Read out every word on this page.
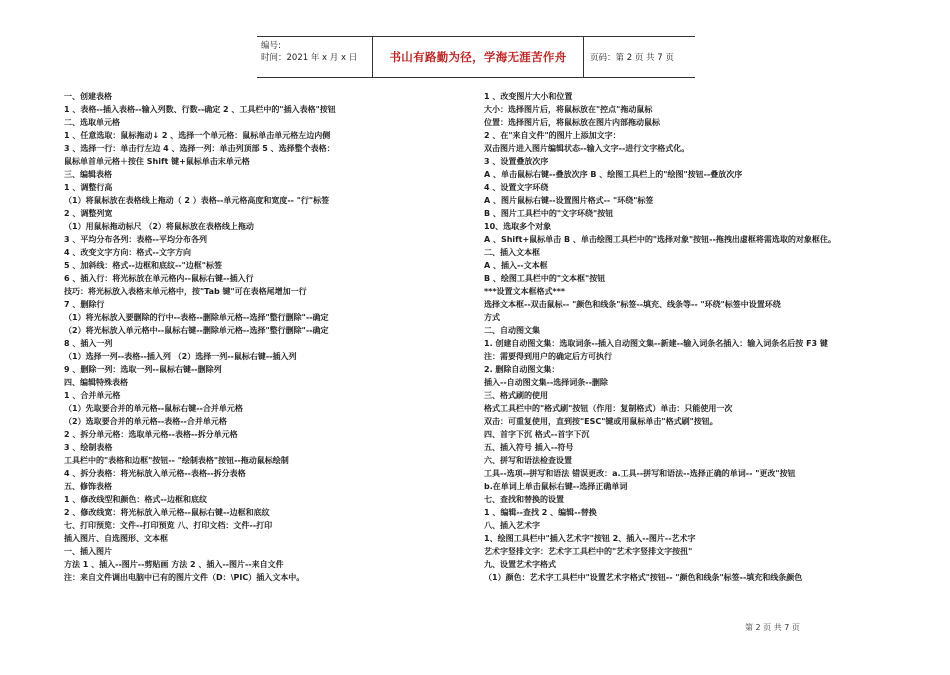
编号:
时间：2021 年 x 月 x 日	书山有路勤为径，学海无涯苦作舟	页码：第 2 页 共 7 页
一、创建表格
1 、表格--插入表格--输入列数、行数--确定 2 、工具栏中的"插入表格"按钮
二、选取单元格
1 、任意选取：鼠标拖动↓ 2 、选择一个单元格：鼠标单击单元格左边内侧
3 、选择一行：单击行左边 4 、选择一列：单击列顶部 5 、选择整个表格：
鼠标单首单元格＋按住 Shift 键+鼠标单击末单元格
三、编辑表格
1 、调整行高
（1）将鼠标放在表格线上拖动（ 2 ）表格--单元格高度和宽度-- "行"标签
2 、调整列宽
（1）用鼠标拖动标尺 （2）将鼠标放在表格线上拖动
3 、平均分布各列：表格--平均分布各列
4 、改变文字方向：格式--文字方向
5 、加斜线：格式--边框和底纹--"边框"标签
6 、插入行：将光标放在单元格内--鼠标右键--插入行
技巧：将光标放入表格末单元格中，按"Tab 键"可在表格尾增加一行
7 、删除行
（1）将光标放入要删除的行中--表格--删除单元格--选择"整行删除"--确定
（2）将光标放入单元格中--鼠标右键--删除单元格--选择"整行删除"--确定
8 、插入一列
（1）选择一列--表格--插入列 （2）选择一列--鼠标右键--插入列
9 、删除一列：选取一列--鼠标右键--删除列
四、编辑特殊表格
1 、合并单元格
（1）先取要合并的单元格--鼠标右键--合并单元格
（2）选取要合并的单元格--表格--合并单元格
2 、拆分单元格：选取单元格--表格--拆分单元格
3 、绘制表格
工具栏中的"表格和边框"按钮-- "绘制表格"按钮--拖动鼠标绘制
4 、拆分表格：将光标放入单元格--表格--拆分表格
五、修饰表格
1 、修改线型和颜色：格式--边框和底纹
2 、修改线宽：将光标放入单元格--鼠标右键--边框和底纹
七、打印预览：文件--打印预览 八、打印文档：文件--打印
插入图片、自选图形、文本框
一、插入图片
方法 1 、插入--图片--剪贴画 方法 2 、插入--图片--来自文件
注：来自文件调出电脑中已有的图片文件（D：\PIC）插入文本中。
1 、改变图片大小和位置
大小：选择图片后，将鼠标放在"控点"拖动鼠标
位置：选择图片后，将鼠标放在图片内部拖动鼠标
2 、在"来自文件"的图片上添加文字：
双击图片进入图片编辑状态--输入文字--进行文字格式化。
3 、设置叠放次序
A 、单击鼠标右键--叠放次序 B 、绘图工具栏上的"绘图"按钮--叠放次序
4 、设置文字环绕
A 、图片鼠标右键--设置图片格式-- "环绕"标签
B 、图片工具栏中的"文字环绕"按钮
10、选取多个对象
A 、Shift+鼠标单击 B 、单击绘图工具栏中的"选择对象"按钮--拖拽出虚框将需选取的对象框住。
二、插入文本框
A 、插入--文本框
B 、绘图工具栏中的"文本框"按钮
***设置文本框格式***
选择文本框--双击鼠标-- "颜色和线条"标签--填充、线条等-- "环绕"标签中设置环绕
方式
二、自动图文集
1. 创建自动图文集：选取词条--插入自动图文集--新建--输入词条名插入：输入词条名后按 F3 键
注：需要得到用户的确定后方可执行
2. 删除自动图文集：
插入--自动图文集--选择词条--删除
三、格式刷的使用
格式工具栏中的"格式刷"按钮（作用：复制格式）单击：只能使用一次
双击：可重复使用，直到按"ESC"键或用鼠标单击"格式刷"按钮。
四、首字下沉 格式--首字下沉
五、插入符号 插入--符号
六、拼写和语法检查设置
工具--选项--拼写和语法 错误更改：a.工具--拼写和语法--选择正确的单词-- "更改"按钮
b.在单词上单击鼠标右键--选择正确单词
七、查找和替换的设置
1 、编辑--查找 2 、编辑--替换
八、插入艺术字
1、绘图工具栏中"插入艺术字"按钮 2、插入--图片--艺术字
艺术字竖排文字：艺术字工具栏中的"艺术字竖排文字按扭"
九、设置艺术字格式
（1）颜色：艺术字工具栏中"设置艺术字格式"按钮-- "颜色和线条"标签--填充和线条颜色
第 2 页 共 7 页
